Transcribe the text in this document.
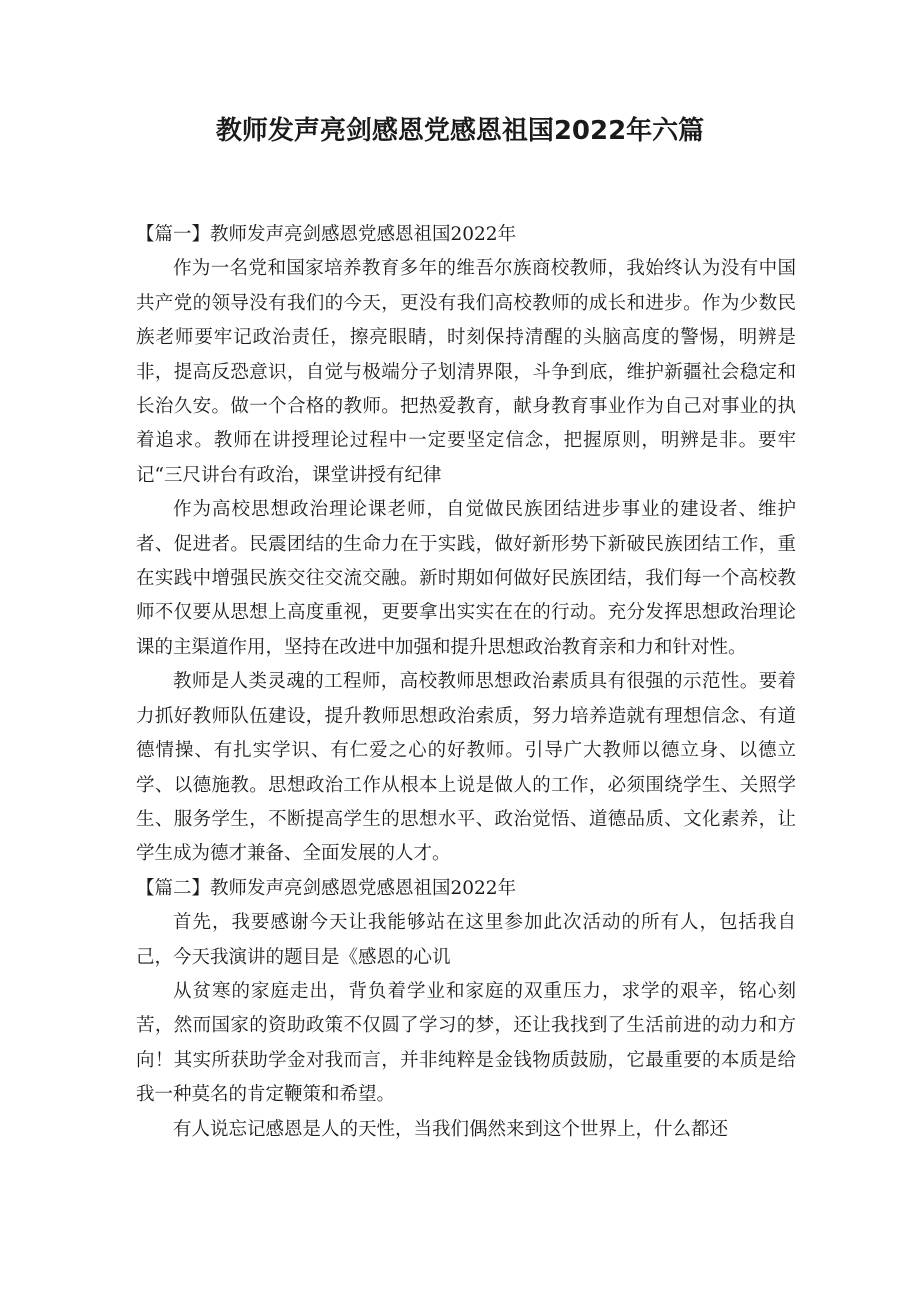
教师发声亮剑感恩党感恩祖国2022年六篇

【篇一】教师发声亮剑感恩党感恩祖国2022年

作为一名党和国家培养教育多年的维吾尔族商校教师，我始终认为没有中国共产党的领导没有我们的今天，更没有我们高校教师的成长和进步。作为少数民族老师要牢记政治责任，擦亮眼睛，时刻保持清醒的头脑高度的警惕，明辨是非，提高反恐意识，自觉与极端分子划清界限，斗争到底，维护新疆社会稳定和长治久安。做一个合格的教师。把热爱教育，献身教育事业作为自己对事业的执着追求。教师在讲授理论过程中一定要坚定信念，把握原则，明辨是非。要牢记“三尺讲台有政治，课堂讲授有纪律

作为高校思想政治理论课老师，自觉做民族团结进步事业的建设者、维护者、促进者。民震团结的生命力在于实践，做好新形势下新破民族团结工作，重在实践中增强民族交往交流交融。新时期如何做好民族团结，我们每一个高校教师不仅要从思想上高度重视，更要拿出实实在在的行动。充分发挥思想政治理论课的主渠道作用，坚持在改进中加强和提升思想政治教育亲和力和针对性。

教师是人类灵魂的工程师，高校教师思想政治素质具有很强的示范性。要着力抓好教师队伍建设，提升教师思想政治索质，努力培养造就有理想信念、有道德情操、有扎实学识、有仁爱之心的好教师。引导广大教师以德立身、以德立学、以德施教。思想政治工作从根本上说是做人的工作，必须围绕学生、关照学生、服务学生，不断提高学生的思想水平、政治觉悟、道德品质、文化素养，让学生成为德才兼备、全面发展的人才。

【篇二】教师发声亮剑感恩党感恩祖国2022年

首先，我要感谢今天让我能够站在这里参加此次活动的所有人，包括我自己，今天我演讲的题目是《感恩的心讥

从贫寒的家庭走出，背负着学业和家庭的双重压力，求学的艰辛，铭心刻苦，然而国家的资助政策不仅圆了学习的梦，还让我找到了生活前进的动力和方向！其实所获助学金对我而言，并非纯粹是金钱物质鼓励，它最重要的本质是给我一种莫名的肯定鞭策和希望。

有人说忘记感恩是人的天性，当我们偶然来到这个世界上，什么都还
